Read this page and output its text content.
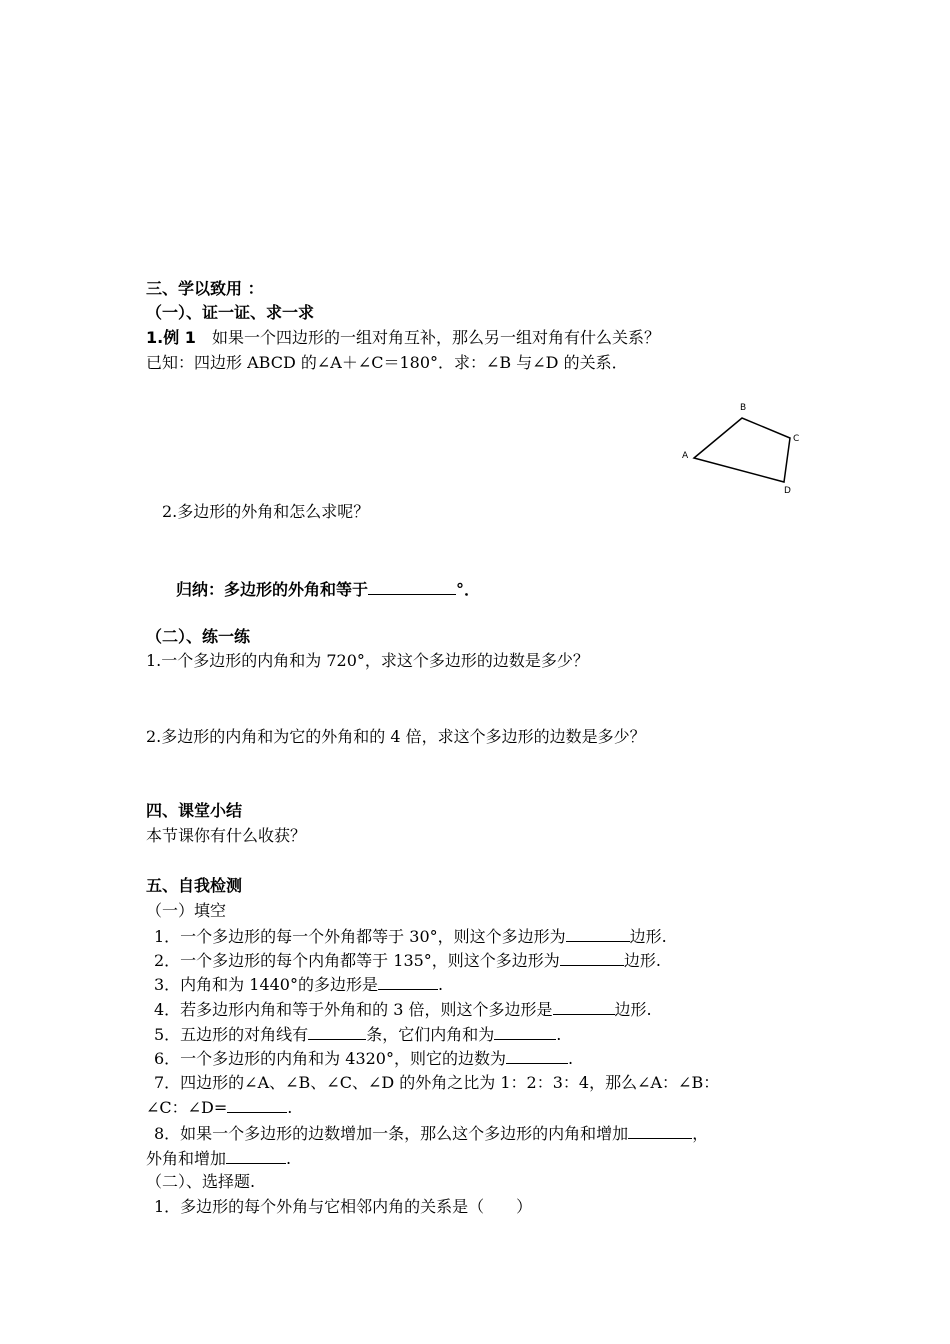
三、学以致用 ：
（一）、证一证、求一求
1.例 1　如果一个四边形的一组对角互补，那么另一组对角有什么关系？
已知：四边形 ABCD 的∠A＋∠C＝180°．求：∠B 与∠D 的关系．
A
B
C
D
2.多边形的外角和怎么求呢？
归纳：多边形的外角和等于	°．
（二）、练一练
1.一个多边形的内角和为 720°，求这个多边形的边数是多少？
2.多边形的内角和为它的外角和的 4 倍，求这个多边形的边数是多少？
四、课堂小结
本节课你有什么收获？
五、自我检测
（一）填空
1．一个多边形的每一个外角都等于 30°，则这个多边形为	边形.
2．一个多边形的每个内角都等于 135°，则这个多边形为	边形.
3．内角和为 1440°的多边形是	.
4．若多边形内角和等于外角和的 3 倍，则这个多边形是	边形.
5．五边形的对角线有	条，它们内角和为	.
6．一个多边形的内角和为 4320°，则它的边数为	.
7．四边形的∠A、∠B、∠C、∠D 的外角之比为 1：2：3：4，那么∠A：∠B：
∠C：∠D=	.
8．如果一个多边形的边数增加一条，那么这个多边形的内角和增加	，
外角和增加	.
（二）、选择题.
1．多边形的每个外角与它相邻内角的关系是（　　）
